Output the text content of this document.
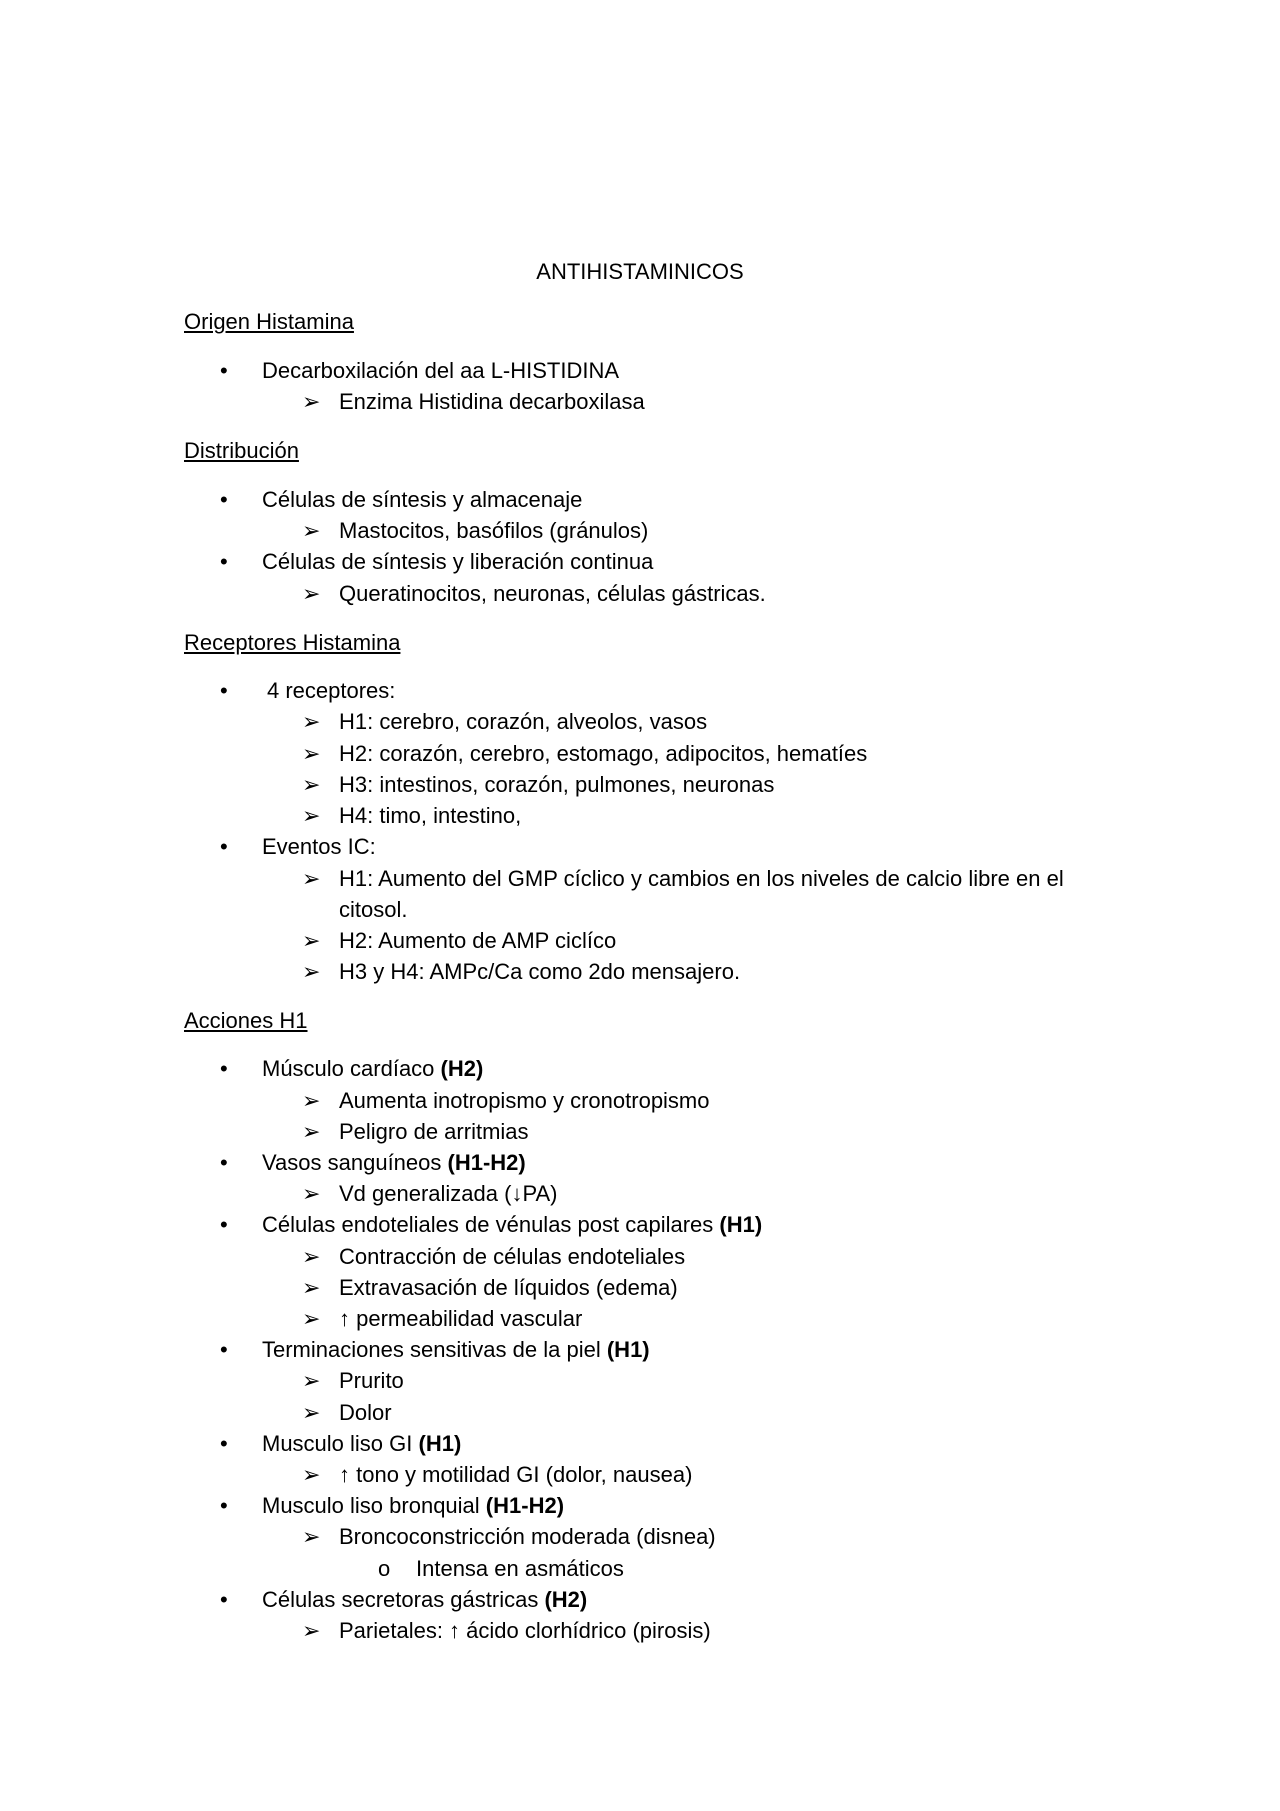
ANTIHISTAMINICOS
Origen Histamina
• Decarboxilación del aa L-HISTIDINA
➢ Enzima Histidina decarboxilasa
Distribución
• Células de síntesis y almacenaje
➢ Mastocitos, basófilos (gránulos)
• Células de síntesis y liberación continua
➢ Queratinocitos, neuronas, células gástricas.
Receptores Histamina
• 4 receptores:
➢ H1: cerebro, corazón, alveolos, vasos
➢ H2: corazón, cerebro, estomago, adipocitos, hematíes
➢ H3: intestinos, corazón, pulmones, neuronas
➢ H4: timo, intestino,
• Eventos IC:
➢ H1: Aumento del GMP cíclico y cambios en los niveles de calcio libre en el
citosol.
➢ H2: Aumento de AMP ciclíco
➢ H3 y H4: AMPc/Ca como 2do mensajero.
Acciones H1
• Músculo cardíaco (H2)
➢ Aumenta inotropismo y cronotropismo
➢ Peligro de arritmias
• Vasos sanguíneos (H1-H2)
➢ Vd generalizada (↓PA)
• Células endoteliales de vénulas post capilares (H1)
➢ Contracción de células endoteliales
➢ Extravasación de líquidos (edema)
➢ ↑ permeabilidad vascular
• Terminaciones sensitivas de la piel (H1)
➢ Prurito
➢ Dolor
• Musculo liso GI (H1)
➢ ↑ tono y motilidad GI (dolor, nausea)
• Musculo liso bronquial (H1-H2)
➢ Broncoconstricción moderada (disnea)
o Intensa en asmáticos
• Células secretoras gástricas (H2)
➢ Parietales: ↑ ácido clorhídrico (pirosis)
